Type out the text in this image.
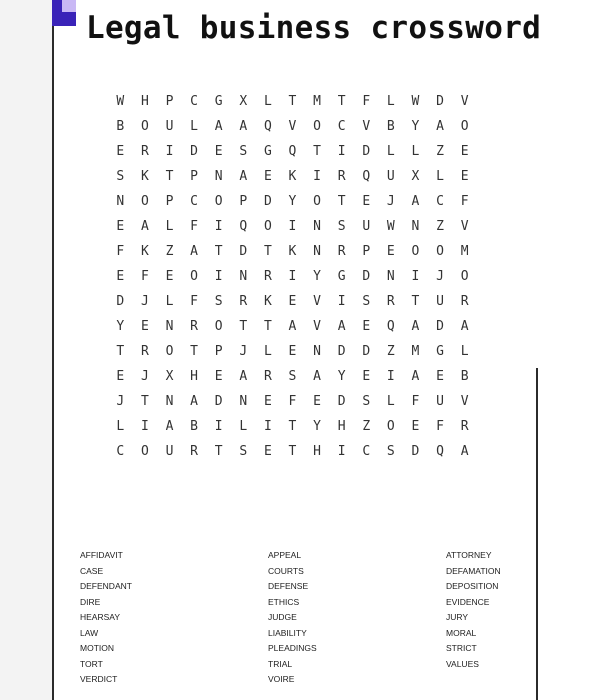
Legal business crossword
W	H	P	C	G	X	L	T	M	T	F	L	W	D	V
B	O	U	L	A	A	Q	V	O	C	V	B	Y	A	O
E	R	I	D	E	S	G	Q	T	I	D	L	L	Z	E
S	K	T	P	N	A	E	K	I	R	Q	U	X	L	E
N	O	P	C	O	P	D	Y	O	T	E	J	A	C	F
E	A	L	F	I	Q	O	I	N	S	U	W	N	Z	V
F	K	Z	A	T	D	T	K	N	R	P	E	O	O	M
E	F	E	O	I	N	R	I	Y	G	D	N	I	J	O
D	J	L	F	S	R	K	E	V	I	S	R	T	U	R
Y	E	N	R	O	T	T	A	V	A	E	Q	A	D	A
T	R	O	T	P	J	L	E	N	D	D	Z	M	G	L
E	J	X	H	E	A	R	S	A	Y	E	I	A	E	B
J	T	N	A	D	N	E	F	E	D	S	L	F	U	V
L	I	A	B	I	L	I	T	Y	H	Z	O	E	F	R
C	O	U	R	T	S	E	T	H	I	C	S	D	Q	A
AFFIDAVIT
CASE
DEFENDANT
DIRE
HEARSAY
LAW
MOTION
TORT
VERDICT
APPEAL
COURTS
DEFENSE
ETHICS
JUDGE
LIABILITY
PLEADINGS
TRIAL
VOIRE
ATTORNEY
DEFAMATION
DEPOSITION
EVIDENCE
JURY
MORAL
STRICT
VALUES
